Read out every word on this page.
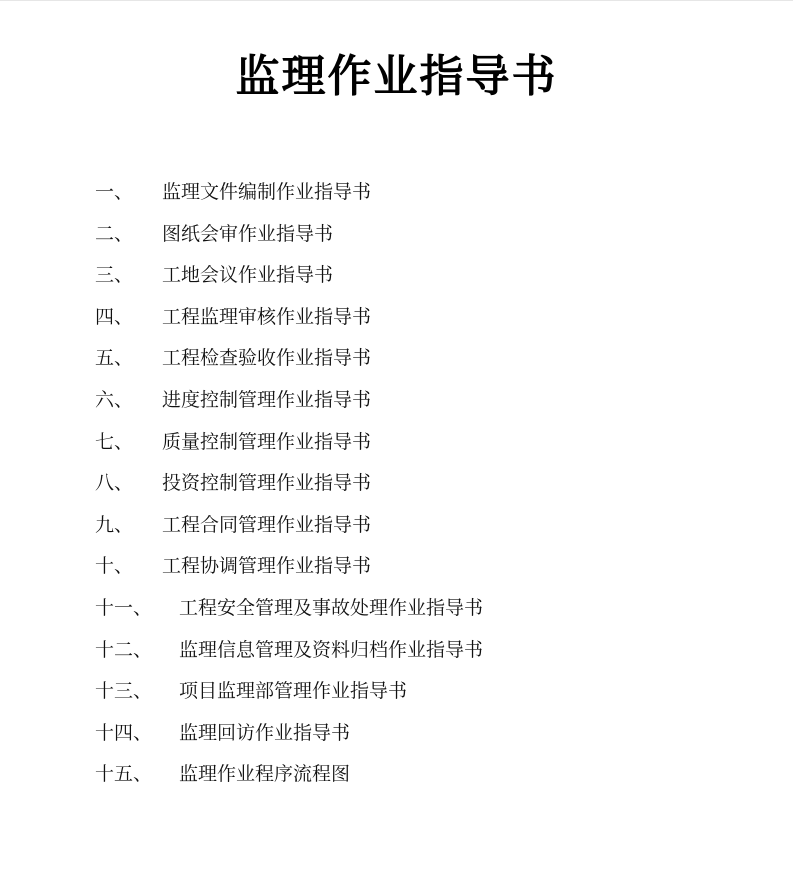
监理作业指导书
一、 监理文件编制作业指导书
二、 图纸会审作业指导书
三、 工地会议作业指导书
四、 工程监理审核作业指导书
五、 工程检查验收作业指导书
六、 进度控制管理作业指导书
七、 质量控制管理作业指导书
八、 投资控制管理作业指导书
九、 工程合同管理作业指导书
十、 工程协调管理作业指导书
十一、 工程安全管理及事故处理作业指导书
十二、 监理信息管理及资料归档作业指导书
十三、 项目监理部管理作业指导书
十四、 监理回访作业指导书
十五、 监理作业程序流程图
